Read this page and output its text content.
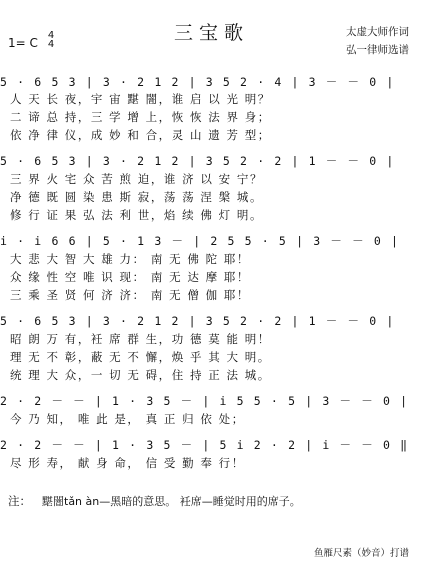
三宝歌
1= C
4
4
太虚大师作词
弘一律师选谱
5 · 6 5 3 | 3 · 2 1 2 | 3 5 2 · 4 | 3 － － 0 |
人 天 长 夜，宇 宙 黮 闇，谁 启 以 光 明？
二 谛 总 持，三 学 增 上，恢 恢 法 界 身；
依 净 律 仪，成 妙 和 合，灵 山 遗 芳 型；
5 · 6 5 3 | 3 · 2 1 2 | 3 5 2 · 2 | 1 － － 0 |
三 界 火 宅 众 苦 煎 迫，谁 济 以 安 宁？
净 德 既 圆 染 患 斯 寂，荡 荡 涅 槃 城。
修 行 证 果 弘 法 利 世，焰 续 佛 灯 明。
i · i 6 6 | 5 · 1 3 － | 2 5 5 · 5 | 3 － － 0 |
大 悲 大 智 大 雄 力： 南 无 佛 陀 耶！
众 缘 性 空 唯 识 现： 南 无 达 摩 耶！
三 乘 圣 贤 何 济 济： 南 无 僧 伽 耶！
5 · 6 5 3 | 3 · 2 1 2 | 3 5 2 · 2 | 1 － － 0 |
昭 朗 万 有，衽 席 群 生，功 德 莫 能 明！
理 无 不 彰，蔽 无 不 懈，焕 乎 其 大 明。
统 理 大 众，一 切 无 碍，住 持 正 法 城。
2 · 2 － － | 1 · 3 5 － | i 5 5 · 5 | 3 － － 0 |
今 乃 知， 唯 此 是， 真 正 归 依 处；
2 · 2 － － | 1 · 3 5 － | 5 i 2 · 2 | i － － 0 ‖
尽 形 寿， 献 身 命， 信 受 勤 奉 行！
注： 黮闇tǎn àn—黑暗的意思。 衽席—睡觉时用的席子。
鱼雁尺素（妙音）打谱
